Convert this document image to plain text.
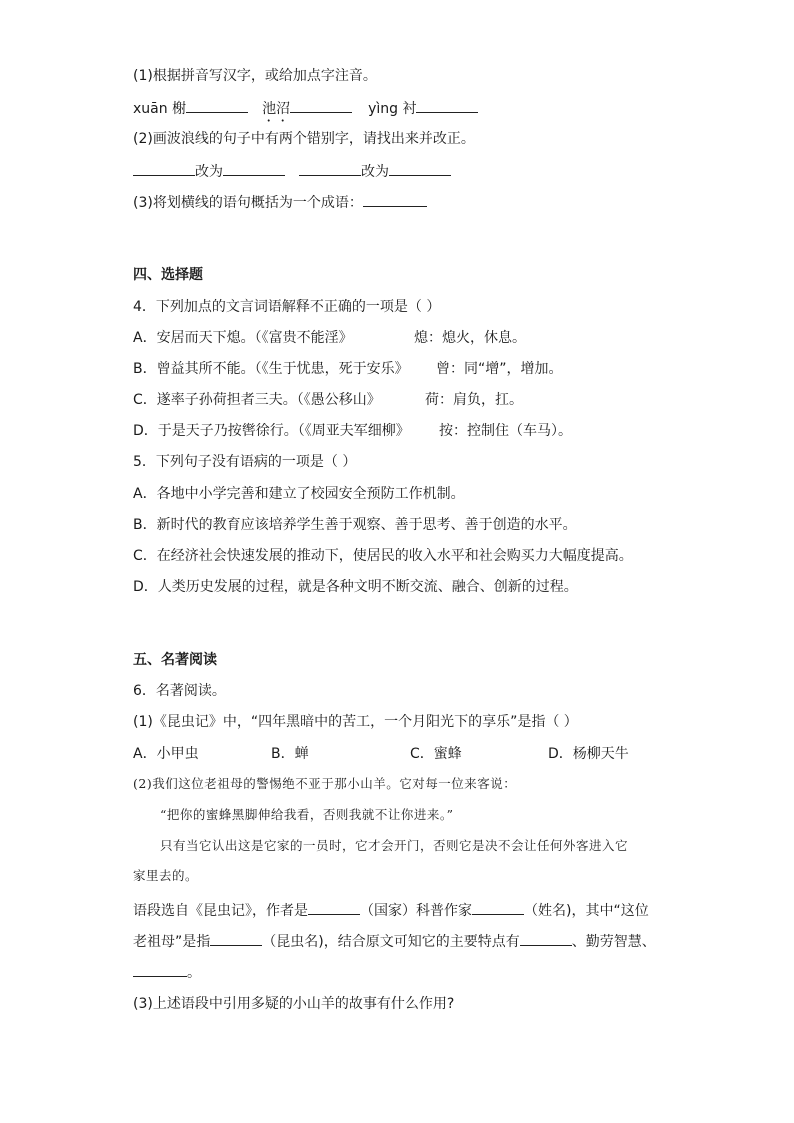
(1)根据拼音写汉字，或给加点字注音。
xuān 榭	池沼	yìng 衬
(2)画波浪线的句子中有两个错别字，请找出来并改正。
改为	改为
(3)将划横线的语句概括为一个成语：
四、选择题
4．下列加点的文言词语解释不正确的一项是（ ）
A．安居而天下熄。（《富贵不能淫》	熄：熄火，休息。
B．曾益其所不能。（《生于忧患，死于安乐》 曾：同“增”，增加。
C．遂率子孙荷担者三夫。（《愚公移山》	荷：肩负，扛。
D．于是天子乃按辔徐行。（《周亚夫军细柳》 按：控制住（车马）。
5．下列句子没有语病的一项是（ ）
A．各地中小学完善和建立了校园安全预防工作机制。
B．新时代的教育应该培养学生善于观察、善于思考、善于创造的水平。
C．在经济社会快速发展的推动下，使居民的收入水平和社会购买力大幅度提高。
D．人类历史发展的过程，就是各种文明不断交流、融合、创新的过程。
五、名著阅读
6．名著阅读。
(1)《昆虫记》中，“四年黑暗中的苦工，一个月阳光下的享乐”是指（ ）
A．小甲虫	B．蝉	C．蜜蜂	D．杨柳天牛
(2)我们这位老祖母的警惕绝不亚于那小山羊。它对每一位来客说：
“把你的蜜蜂黑脚伸给我看，否则我就不让你进来。”
只有当它认出这是它家的一员时，它才会开门，否则它是决不会让任何外客进入它
家里去的。
语段选自《昆虫记》，作者是	（国家）科普作家	（姓名)，其中“这位
老祖母”是指	（昆虫名)，结合原文可知它的主要特点有	、勤劳智慧、
。
(3)上述语段中引用多疑的小山羊的故事有什么作用?
